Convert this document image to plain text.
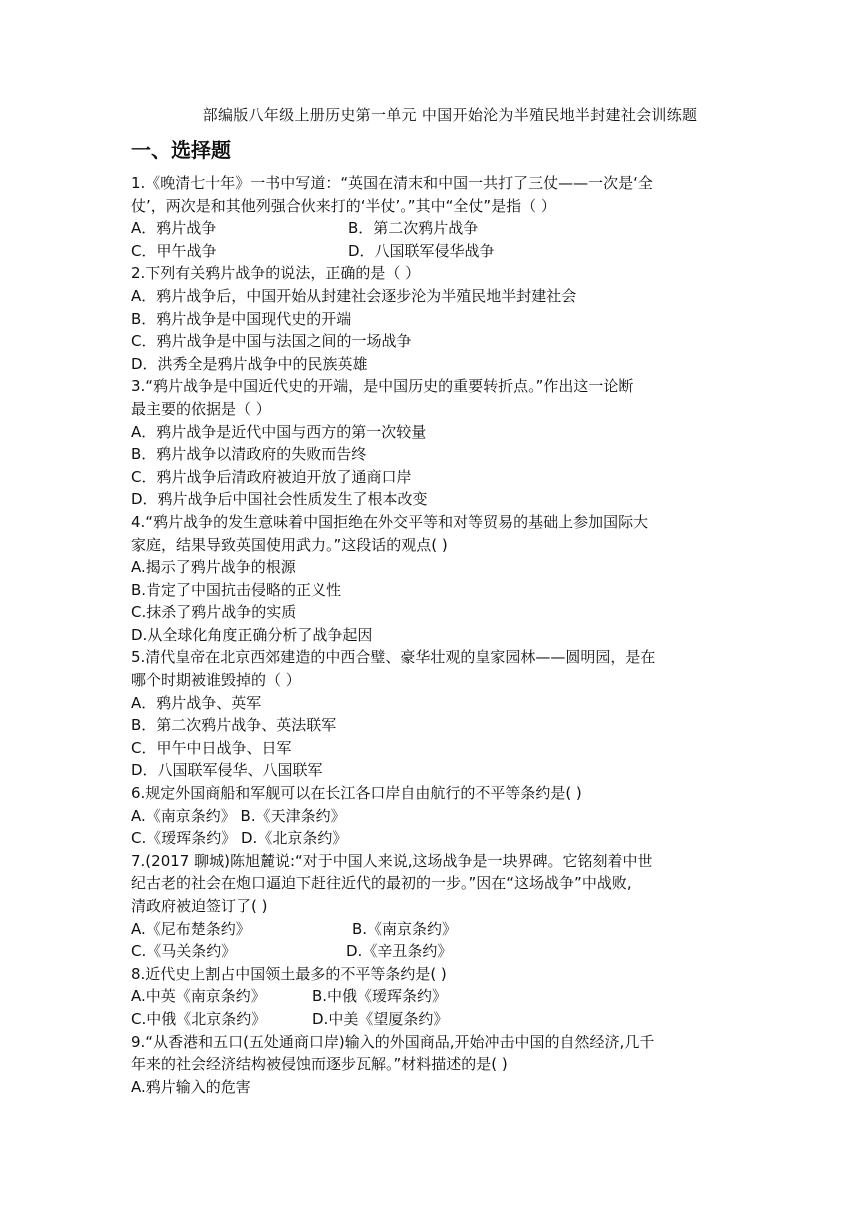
部编版八年级上册历史第一单元 中国开始沦为半殖民地半封建社会训练题
一、选择题
1.《晚清七十年》一书中写道：“英国在清末和中国一共打了三仗——一次是‘全
仗’，两次是和其他列强合伙来打的‘半仗’。”其中“全仗”是指（ ）
A．鸦片战争	B．第二次鸦片战争
C．甲午战争	D．八国联军侵华战争
2.下列有关鸦片战争的说法，正确的是（ ）
A．鸦片战争后，中国开始从封建社会逐步沦为半殖民地半封建社会
B．鸦片战争是中国现代史的开端
C．鸦片战争是中国与法国之间的一场战争
D．洪秀全是鸦片战争中的民族英雄
3.“鸦片战争是中国近代史的开端，是中国历史的重要转折点。”作出这一论断
最主要的依据是（ ）
A．鸦片战争是近代中国与西方的第一次较量
B．鸦片战争以清政府的失败而告终
C．鸦片战争后清政府被迫开放了通商口岸
D．鸦片战争后中国社会性质发生了根本改变
4.“鸦片战争的发生意味着中国拒绝在外交平等和对等贸易的基础上参加国际大
家庭，结果导致英国使用武力。”这段话的观点( )
A.揭示了鸦片战争的根源
B.肯定了中国抗击侵略的正义性
C.抹杀了鸦片战争的实质
D.从全球化角度正确分析了战争起因
5.清代皇帝在北京西郊建造的中西合璧、豪华壮观的皇家园林——圆明园，是在
哪个时期被谁毁掉的（ ）
A．鸦片战争、英军
B．第二次鸦片战争、英法联军
C．甲午中日战争、日军
D．八国联军侵华、八国联军
6.规定外国商船和军舰可以在长江各口岸自由航行的不平等条约是( )
A.《南京条约》 B.《天津条约》
C.《瑷珲条约》 D.《北京条约》
7.(2017 聊城)陈旭麓说:“对于中国人来说,这场战争是一块界碑。它铭刻着中世
纪古老的社会在炮口逼迫下赶往近代的最初的一步。”因在“这场战争”中战败,
清政府被迫签订了( )
A.《尼布楚条约》	B.《南京条约》
C.《马关条约》	D.《辛丑条约》
8.近代史上割占中国领土最多的不平等条约是( )
A.中英《南京条约》	B.中俄《瑷珲条约》
C.中俄《北京条约》	D.中美《望厦条约》
9.“从香港和五口(五处通商口岸)输入的外国商品,开始冲击中国的自然经济,几千
年来的社会经济结构被侵蚀而逐步瓦解。”材料描述的是( )
A.鸦片输入的危害
